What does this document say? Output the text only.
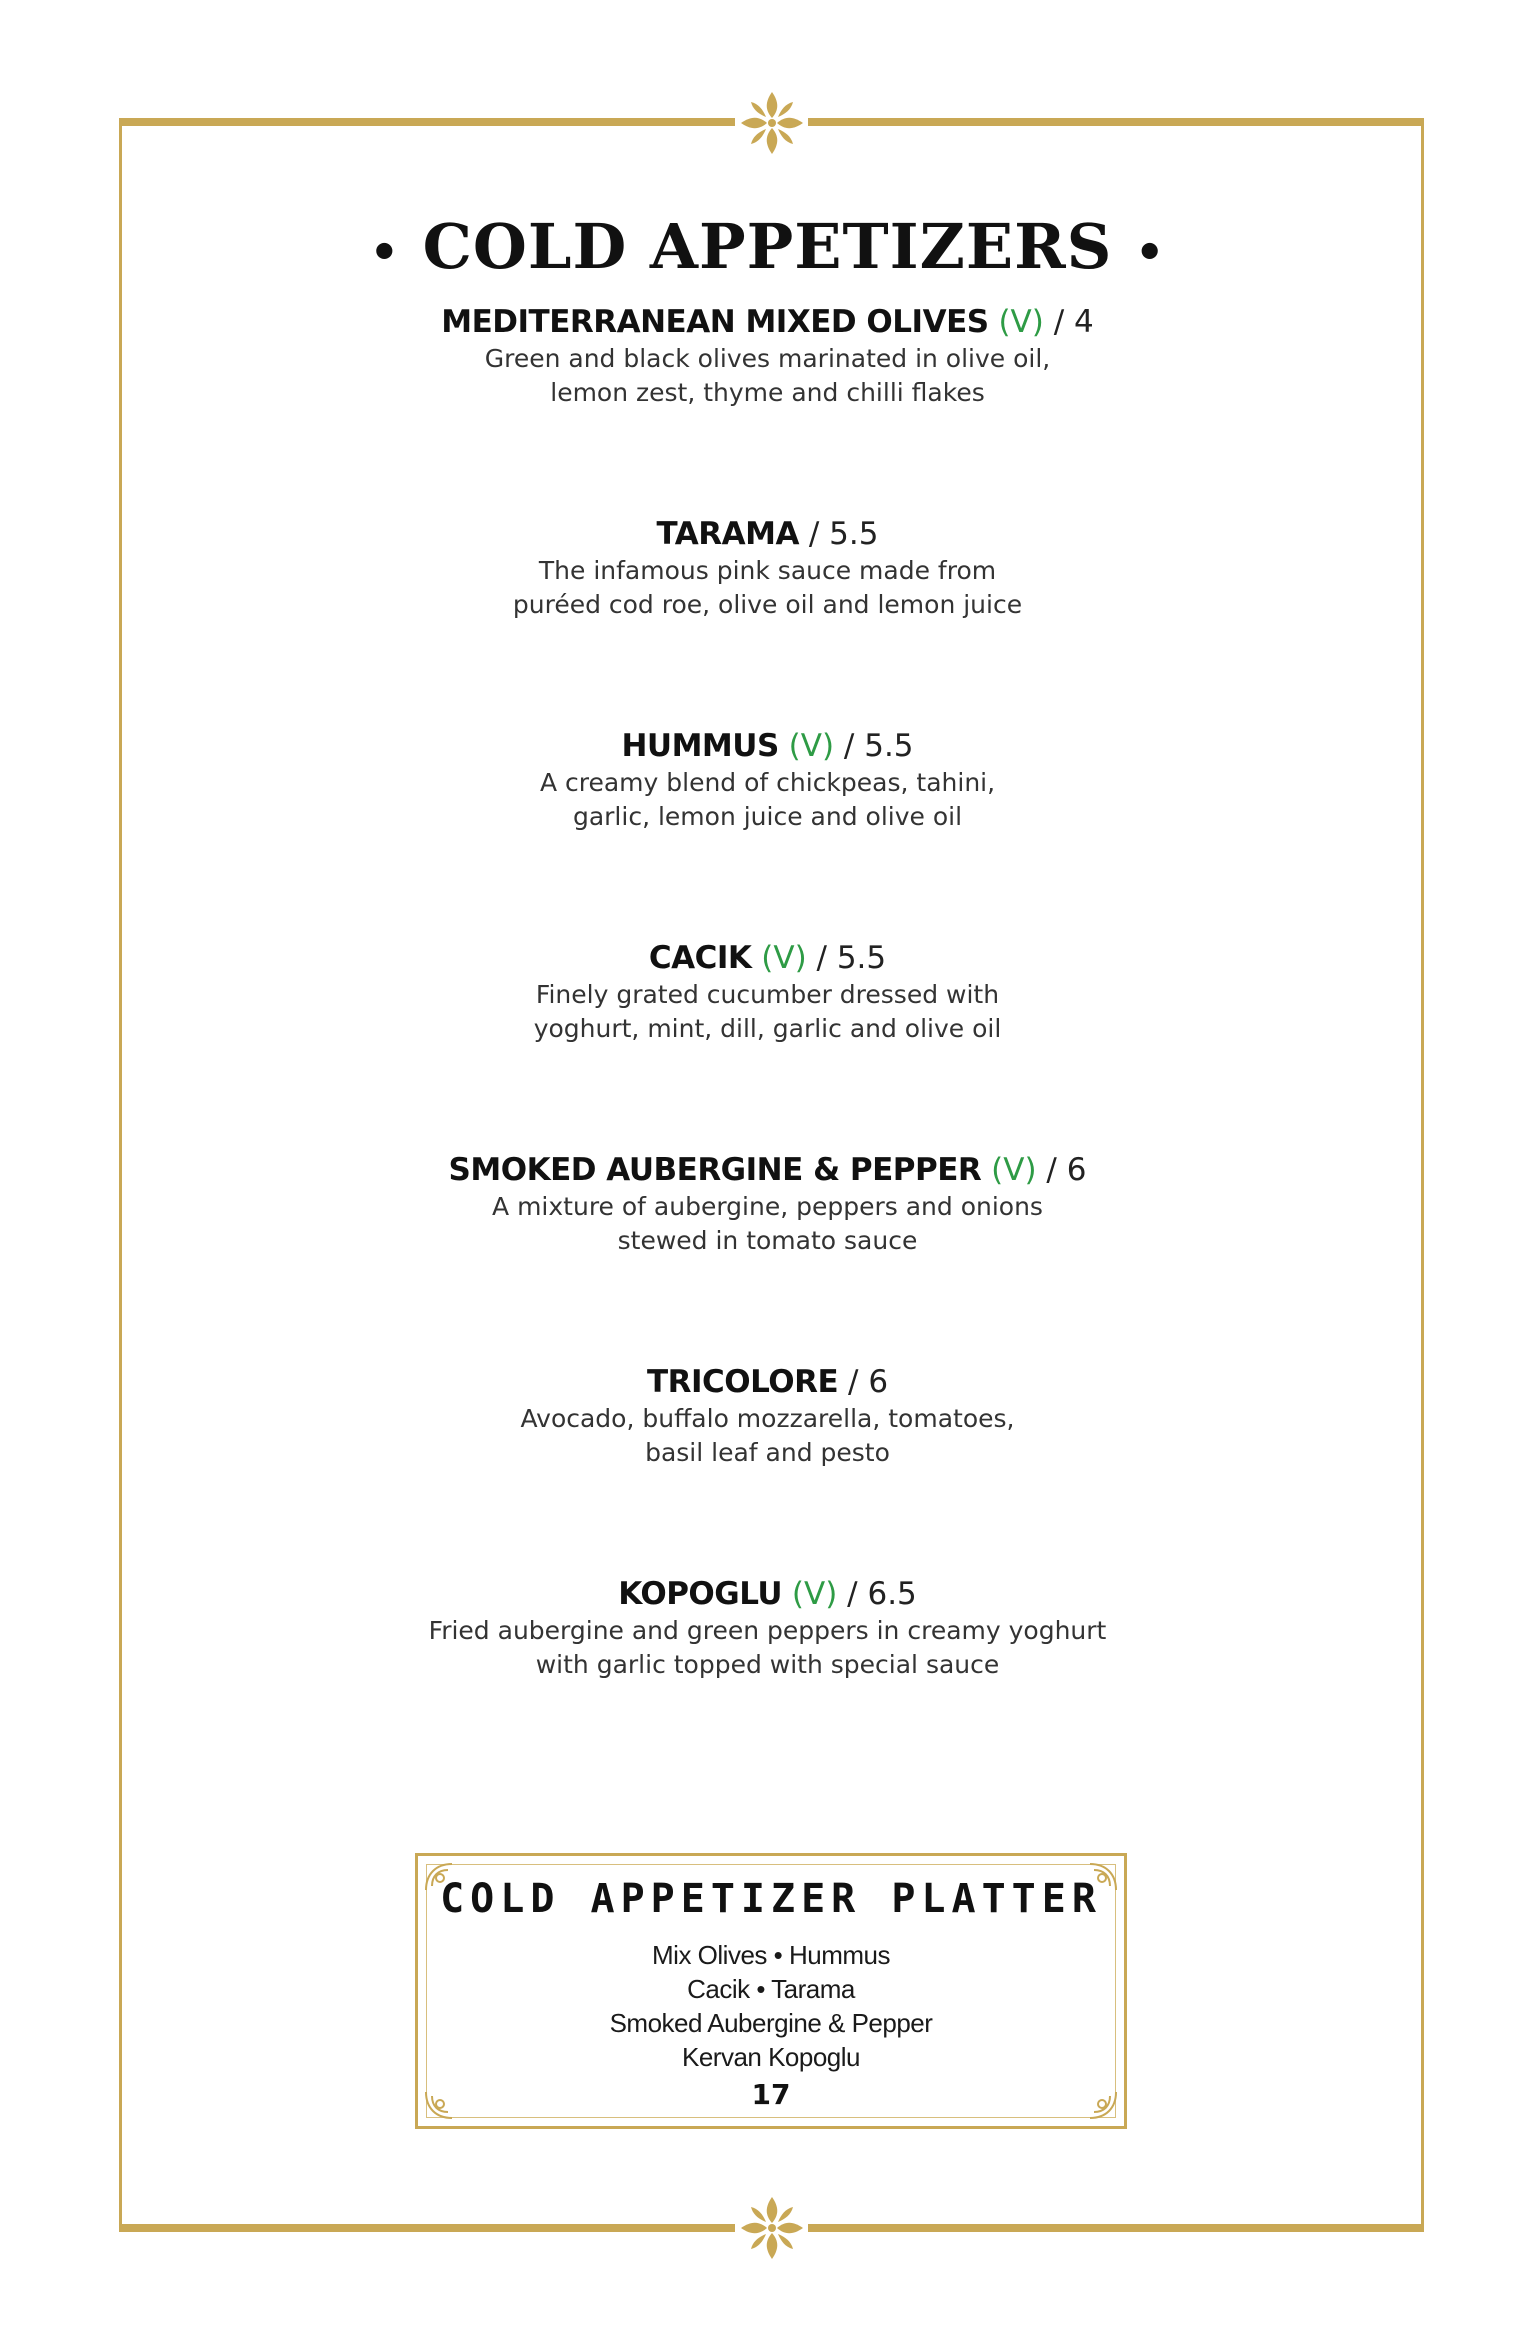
• COLD APPETIZERS •
MEDITERRANEAN MIXED OLIVES (V) / 4
Green and black olives marinated in olive oil,
lemon zest, thyme and chilli flakes
TARAMA / 5.5
The infamous pink sauce made from
puréed cod roe, olive oil and lemon juice
HUMMUS (V) / 5.5
A creamy blend of chickpeas, tahini,
garlic, lemon juice and olive oil
CACIK (V) / 5.5
Finely grated cucumber dressed with
yoghurt, mint, dill, garlic and olive oil
SMOKED AUBERGINE & PEPPER (V) / 6
A mixture of aubergine, peppers and onions
stewed in tomato sauce
TRICOLORE / 6
Avocado, buffalo mozzarella, tomatoes,
basil leaf and pesto
KOPOGLU (V) / 6.5
Fried aubergine and green peppers in creamy yoghurt
with garlic topped with special sauce
COLD APPETIZER PLATTER
Mix Olives • Hummus
Cacik • Tarama
Smoked Aubergine & Pepper
Kervan Kopoglu
17
